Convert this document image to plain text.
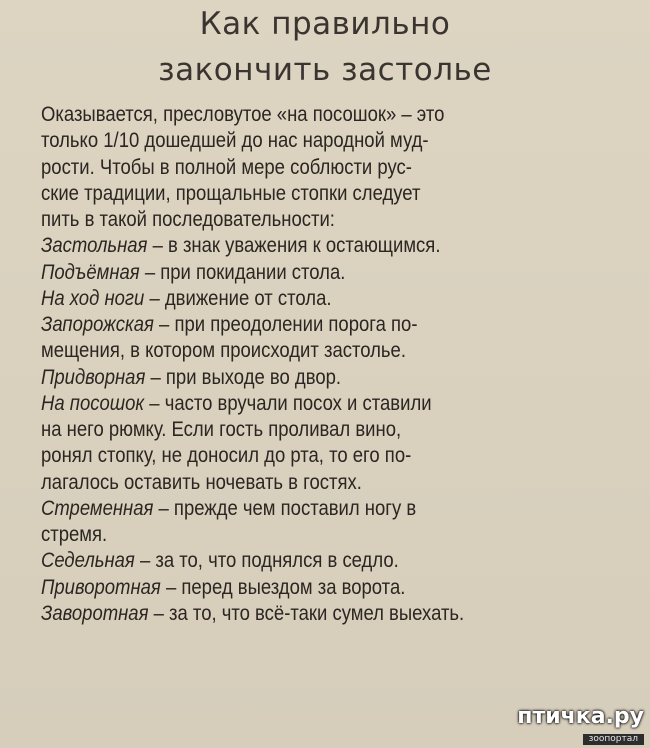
Как правильно
закончить застолье
Оказывается, пресловутое «на посошок» – это
только 1/10 дошедшей до нас народной муд-
рости. Чтобы в полной мере соблюсти рус-
ские традиции, прощальные стопки следует
пить в такой последовательности:
Застольная – в знак уважения к остающимся.
Подъёмная – при покидании стола.
На ход ноги – движение от стола.
Запорожская – при преодолении порога по-
мещения, в котором происходит застолье.
Придворная – при выходе во двор.
На посошок – часто вручали посох и ставили
на него рюмку. Если гость проливал вино,
ронял стопку, не доносил до рта, то его по-
лагалось оставить ночевать в гостях.
Стременная – прежде чем поставил ногу в
стремя.
Седельная – за то, что поднялся в седло.
Приворотная – перед выездом за ворота.
Заворотная – за то, что всё-таки сумел выехать.
птичка.ру
зоопортал
